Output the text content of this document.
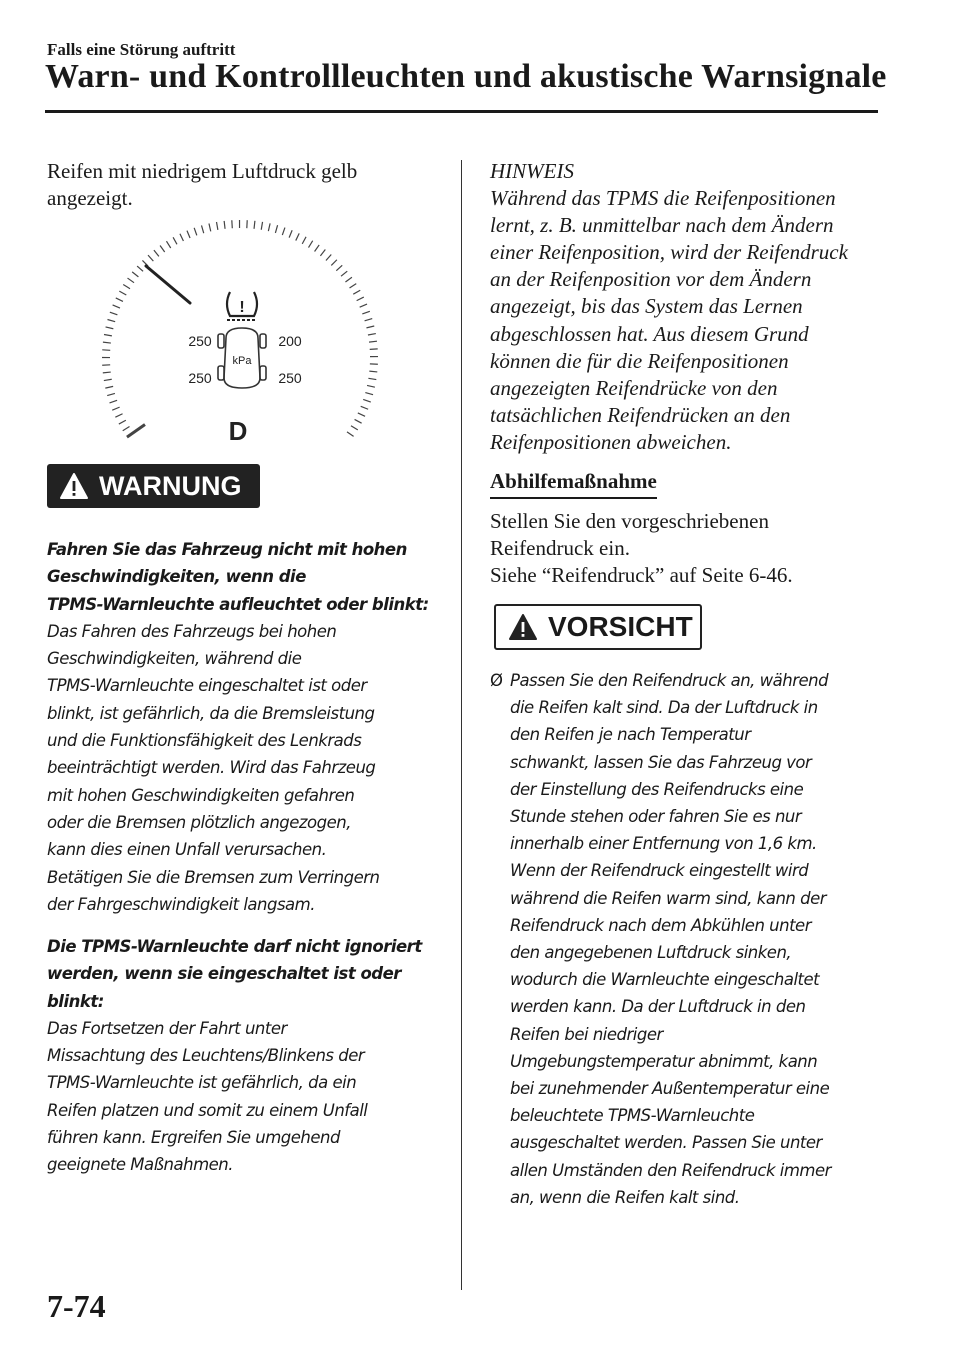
Falls eine Störung auftritt
Warn- und Kontrollleuchten und akustische Warnsignale

Reifen mit niedrigem Luftdruck gelb

angezeigt.

!
250	200
250	250
kPa
D
WARNUNG
Fahren Sie das Fahrzeug nicht mit hohen
Geschwindigkeiten, wenn die
TPMS-Warnleuchte aufleuchtet oder blinkt:
Das Fahren des Fahrzeugs bei hohen
Geschwindigkeiten, während die
TPMS-Warnleuchte eingeschaltet ist oder
blinkt, ist gefährlich, da die Bremsleistung
und die Funktionsfähigkeit des Lenkrads
beeinträchtigt werden. Wird das Fahrzeug
mit hohen Geschwindigkeiten gefahren
oder die Bremsen plötzlich angezogen,
kann dies einen Unfall verursachen.
Betätigen Sie die Bremsen zum Verringern
der Fahrgeschwindigkeit langsam.
Die TPMS-Warnleuchte darf nicht ignoriert
werden, wenn sie eingeschaltet ist oder
blinkt:
Das Fortsetzen der Fahrt unter
Missachtung des Leuchtens/Blinkens der
TPMS-Warnleuchte ist gefährlich, da ein
Reifen platzen und somit zu einem Unfall
führen kann. Ergreifen Sie umgehend
geeignete Maßnahmen.
HINWEIS
Während das TPMS die Reifenpositionen
lernt, z. B. unmittelbar nach dem Ändern
einer Reifenposition, wird der Reifendruck
an der Reifenposition vor dem Ändern
angezeigt, bis das System das Lernen
abgeschlossen hat. Aus diesem Grund
können die für die Reifenpositionen
angezeigten Reifendrücke von den
tatsächlichen Reifendrücken an den
Reifenpositionen abweichen.
Abhilfemaßnahme
Stellen Sie den vorgeschriebenen
Reifendruck ein.
Siehe “Reifendruck” auf Seite 6-46.
VORSICHT
Ø Passen Sie den Reifendruck an, während
die Reifen kalt sind. Da der Luftdruck in
den Reifen je nach Temperatur
schwankt, lassen Sie das Fahrzeug vor
der Einstellung des Reifendrucks eine
Stunde stehen oder fahren Sie es nur
innerhalb einer Entfernung von 1,6 km.
Wenn der Reifendruck eingestellt wird
während die Reifen warm sind, kann der
Reifendruck nach dem Abkühlen unter
den angegebenen Luftdruck sinken,
wodurch die Warnleuchte eingeschaltet
werden kann. Da der Luftdruck in den
Reifen bei niedriger
Umgebungstemperatur abnimmt, kann
bei zunehmender Außentemperatur eine
beleuchtete TPMS-Warnleuchte
ausgeschaltet werden. Passen Sie unter
allen Umständen den Reifendruck immer
an, wenn die Reifen kalt sind.
7-74
